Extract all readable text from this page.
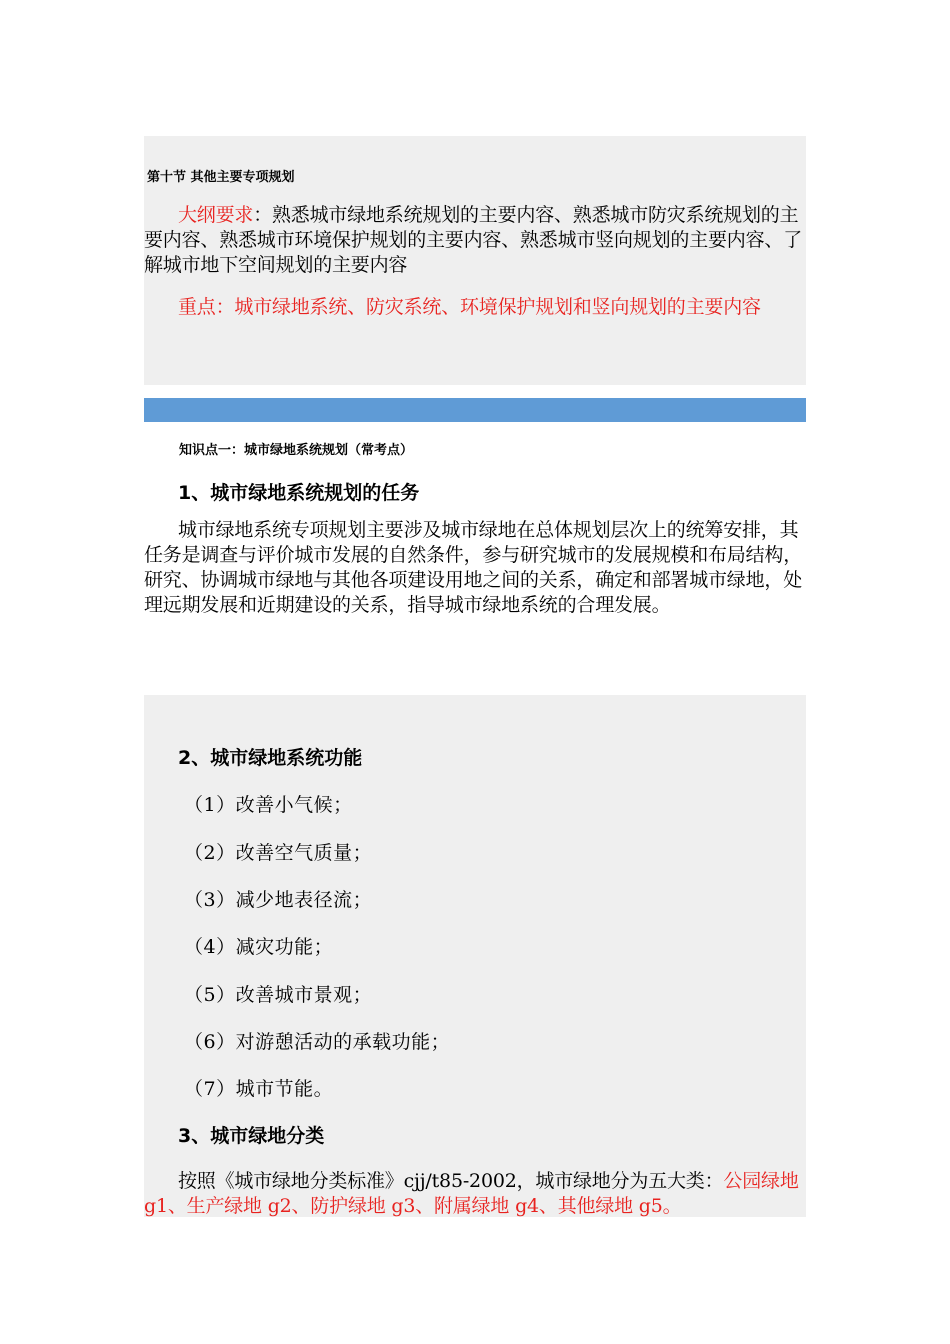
第十节 其他主要专项规划

大纲要求：熟悉城市绿地系统规划的主要内容、熟悉城市防灾系统规划的主要内容、熟悉城市环境保护规划的主要内容、熟悉城市竖向规划的主要内容、了解城市地下空间规划的主要内容

重点：城市绿地系统、防灾系统、环境保护规划和竖向规划的主要内容

知识点一：城市绿地系统规划（常考点）
1、城市绿地系统规划的任务

城市绿地系统专项规划主要涉及城市绿地在总体规划层次上的统筹安排，其任务是调查与评价城市发展的自然条件，参与研究城市的发展规模和布局结构，研究、协调城市绿地与其他各项建设用地之间的关系，确定和部署城市绿地，处理远期发展和近期建设的关系，指导城市绿地系统的合理发展。

2、城市绿地系统功能
（1）改善小气候；
（2）改善空气质量；
（3）减少地表径流；
（4）减灾功能；
（5）改善城市景观；
（6）对游憩活动的承载功能；
（7）城市节能。
3、城市绿地分类

按照《城市绿地分类标准》cjj/t85-2002，城市绿地分为五大类：公园绿地 g1、生产绿地 g2、防护绿地 g3、附属绿地 g4、其他绿地 g5。
